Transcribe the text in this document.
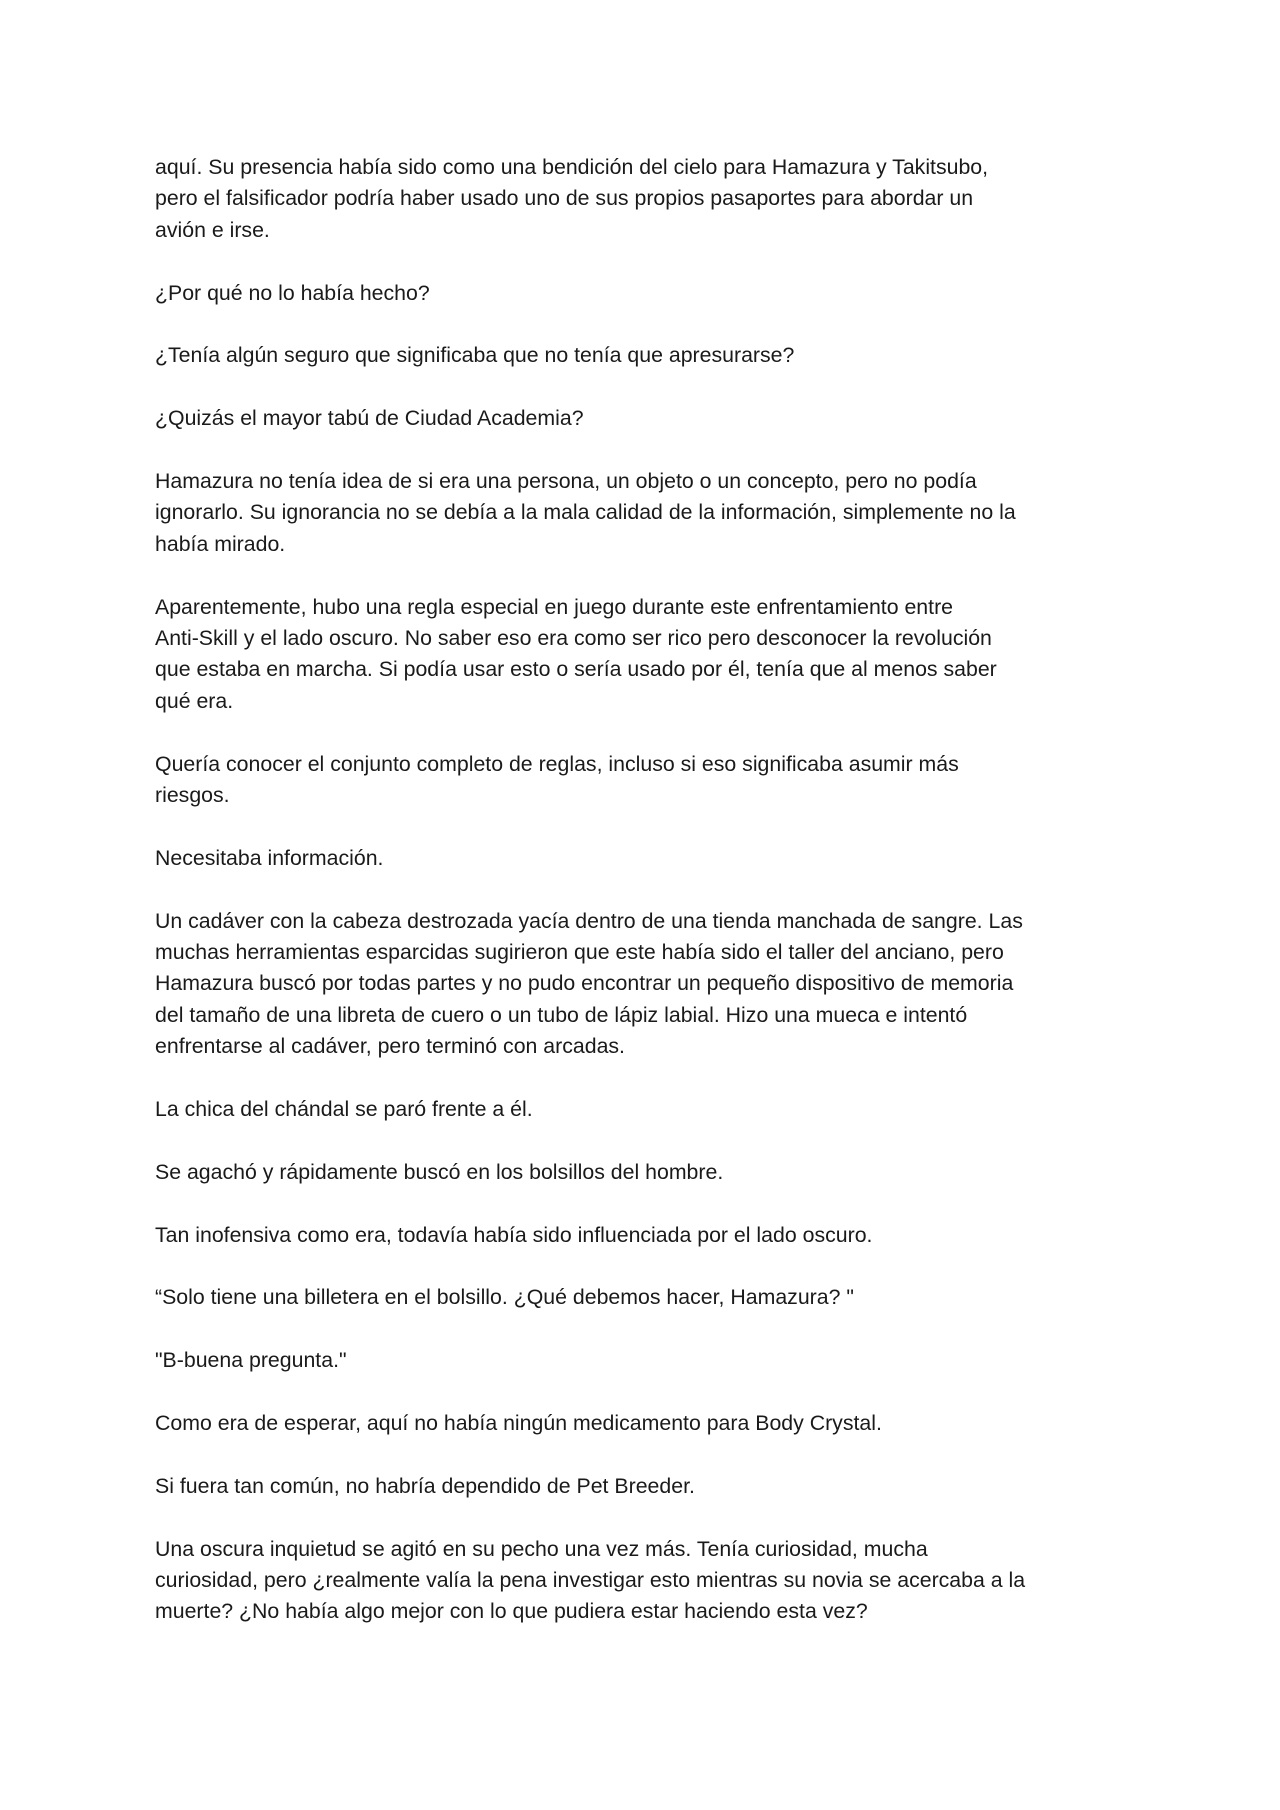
aquí. Su presencia había sido como una bendición del cielo para Hamazura y Takitsubo,
pero el falsificador podría haber usado uno de sus propios pasaportes para abordar un
avión e irse.

¿Por qué no lo había hecho?

¿Tenía algún seguro que significaba que no tenía que apresurarse?

¿Quizás el mayor tabú de Ciudad Academia?

Hamazura no tenía idea de si era una persona, un objeto o un concepto, pero no podía
ignorarlo. Su ignorancia no se debía a la mala calidad de la información, simplemente no la
había mirado.

Aparentemente, hubo una regla especial en juego durante este enfrentamiento entre
Anti-Skill y el lado oscuro. No saber eso era como ser rico pero desconocer la revolución
que estaba en marcha. Si podía usar esto o sería usado por él, tenía que al menos saber
qué era.

Quería conocer el conjunto completo de reglas, incluso si eso significaba asumir más
riesgos.

Necesitaba información.

Un cadáver con la cabeza destrozada yacía dentro de una tienda manchada de sangre. Las
muchas herramientas esparcidas sugirieron que este había sido el taller del anciano, pero
Hamazura buscó por todas partes y no pudo encontrar un pequeño dispositivo de memoria
del tamaño de una libreta de cuero o un tubo de lápiz labial. Hizo una mueca e intentó
enfrentarse al cadáver, pero terminó con arcadas.

La chica del chándal se paró frente a él.

Se agachó y rápidamente buscó en los bolsillos del hombre.

Tan inofensiva como era, todavía había sido influenciada por el lado oscuro.

“Solo tiene una billetera en el bolsillo. ¿Qué debemos hacer, Hamazura? "

"B-buena pregunta."

Como era de esperar, aquí no había ningún medicamento para Body Crystal.

Si fuera tan común, no habría dependido de Pet Breeder.

Una oscura inquietud se agitó en su pecho una vez más. Tenía curiosidad, mucha
curiosidad, pero ¿realmente valía la pena investigar esto mientras su novia se acercaba a la
muerte? ¿No había algo mejor con lo que pudiera estar haciendo esta vez?
